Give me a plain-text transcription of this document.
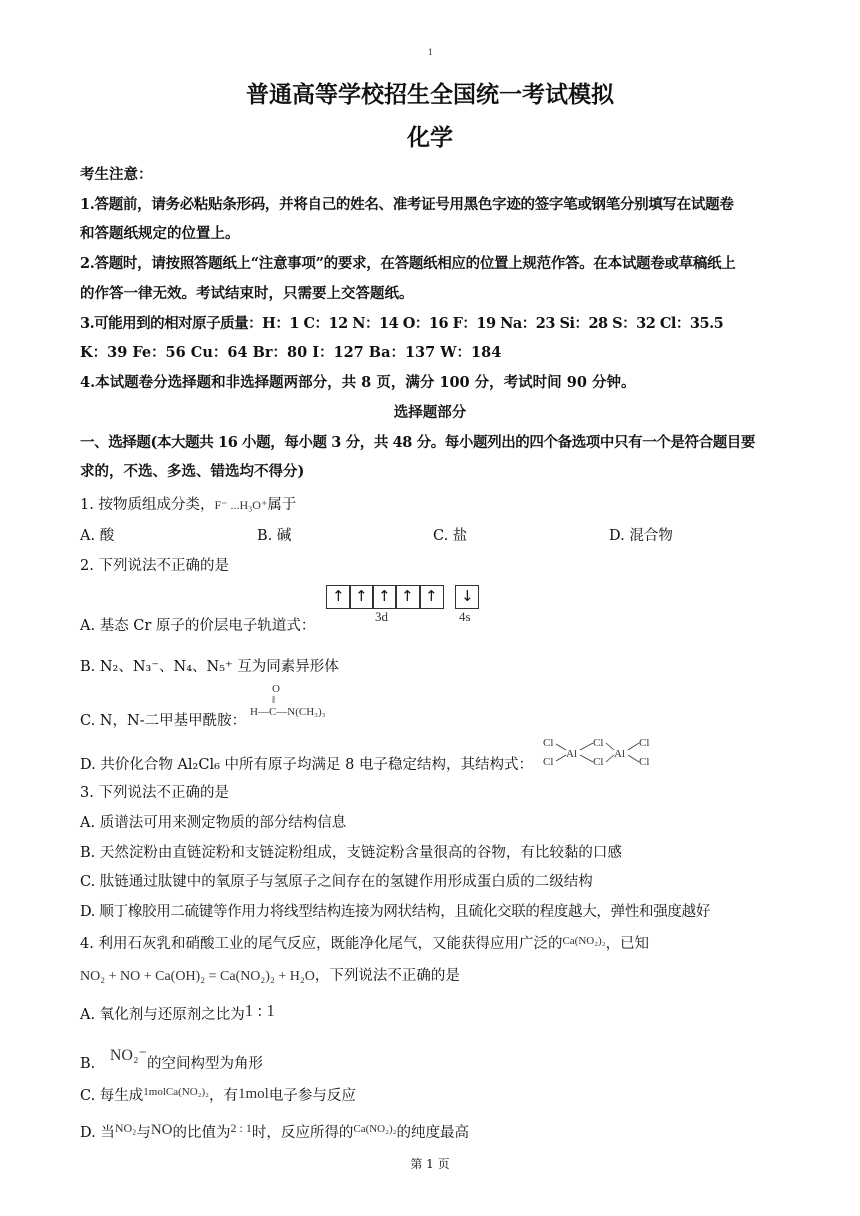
1
普通高等学校招生全国统一考试模拟
化学
考生注意：
1.答题前，请务必粘贴条形码，并将自己的姓名、准考证号用黑色字迹的签字笔或钢笔分别填写在试题卷
和答题纸规定的位置上。
2.答题时，请按照答题纸上“注意事项”的要求，在答题纸相应的位置上规范作答。在本试题卷或草稿纸上
的作答一律无效。考试结束时，只需要上交答题纸。
3.可能用到的相对原子质量：H：1 C：12 N：14 O：16 F：19 Na：23 Si：28 S：32 Cl：35.5
K：39 Fe：56 Cu：64 Br：80 I：127 Ba：137 W：184
4.本试题卷分选择题和非选择题两部分，共 8 页，满分 100 分，考试时间 90 分钟。
选择题部分
一、选择题(本大题共 16 小题，每小题 3 分，共 48 分。每小题列出的四个备选项中只有一个是符合题目要
求的，不选、多选、错选均不得分)
1. 按物质组成分类，F⁻ ...H₃O⁺属于
A. 酸	B. 碱	C. 盐	D. 混合物
2. 下列说法不正确的是
↑ ↑ ↑ ↑ ↑ ↓
3d	4s
A. 基态 Cr 原子的价层电子轨道式：
B. N₂、N₃⁻、N₄、N₅⁺ 互为同素异形体
O
‖
H—C—N(CH₃)₃
C. N，N-二甲基甲酰胺：
D. 共价化合物 Al₂Cl₆ 中所有原子均满足 8 电子稳定结构，其结构式：
Cl
Cl
Al
Cl
Cl
Al
Cl
Cl
3. 下列说法不正确的是
A. 质谱法可用来测定物质的部分结构信息
B. 天然淀粉由直链淀粉和支链淀粉组成，支链淀粉含量很高的谷物，有比较黏的口感
C. 肽链通过肽键中的氧原子与氢原子之间存在的氢键作用形成蛋白质的二级结构
D. 顺丁橡胶用二硫键等作用力将线型结构连接为网状结构，且硫化交联的程度越大，弹性和强度越好
4. 利用石灰乳和硝酸工业的尾气反应，既能净化尾气，又能获得应用广泛的$^{Ca(NO_2)_2}$，已知
NO₂ + NO + Ca(OH)₂ = Ca(NO₂)₂ + H₂O，下列说法不正确的是
A. 氧化剂与还原剂之比为1 : 1
B. NO₂⁻的空间构型为角形
C. 每生成$^{1molCa(NO_2)_2}$，有1mol电子参与反应
D. 当$^{NO_2}$与NO的比值为$^{2 : 1}$时，反应所得的$^{Ca(NO_2)_2}$的纯度最高
第 1 页
